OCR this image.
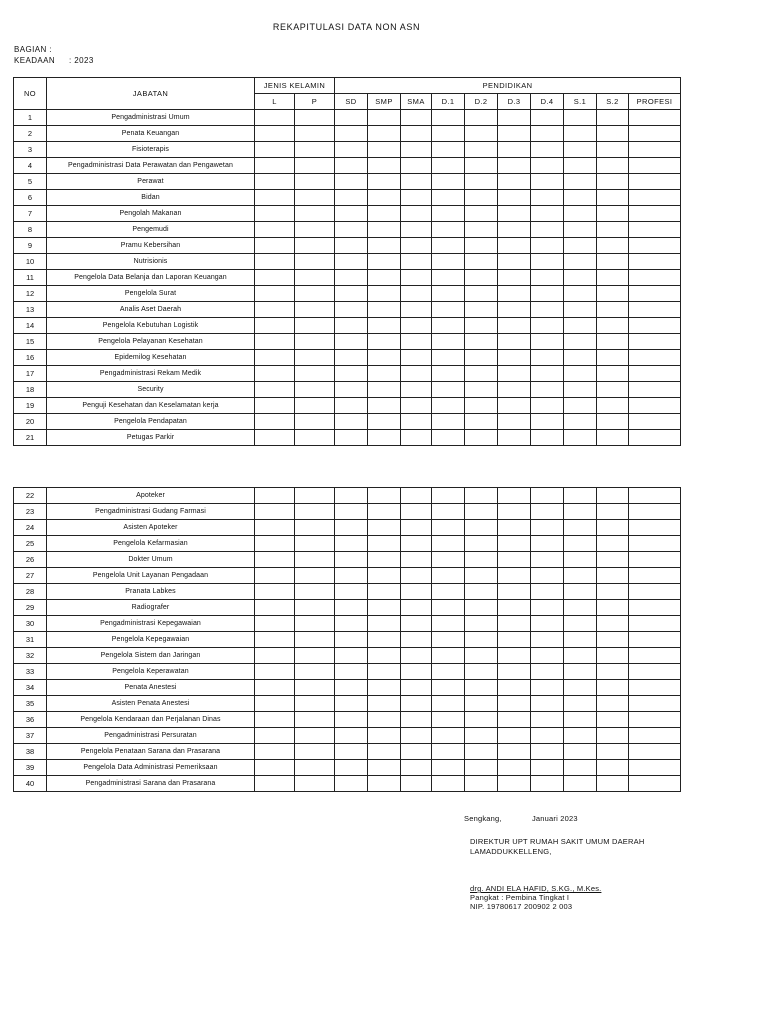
REKAPITULASI DATA NON ASN
BAGIAN :
KEADAAN : 2023
NO	JABATAN	JENIS KELAMIN		PENDIDIKAN									
		L	P	SD	SMP	SMA	D.1	D.2	D.3	D.4	S.1	S.2	PROFESI
1	Pengadministrasi Umum												
2	Penata Keuangan												
3	Fisioterapis												
4	Pengadministrasi Data Perawatan dan Pengawetan												
5	Perawat												
6	Bidan												
7	Pengolah Makanan												
8	Pengemudi												
9	Pramu Kebersihan												
10	Nutrisionis												
11	Pengelola Data Belanja dan Laporan Keuangan												
12	Pengelola Surat												
13	Analis Aset Daerah												
14	Pengelola Kebutuhan Logistik												
15	Pengelola Pelayanan Kesehatan												
16	Epidemilog Kesehatan												
17	Pengadministrasi Rekam Medik												
18	Security												
19	Penguji Kesehatan dan Keselamatan kerja												
20	Pengelola Pendapatan												
21	Petugas Parkir												
22	Apoteker												
23	Pengadministrasi Gudang Farmasi												
24	Asisten Apoteker												
25	Pengelola Kefarmasian												
26	Dokter Umum												
27	Pengelola Unit Layanan Pengadaan												
28	Pranata Labkes												
29	Radiografer												
30	Pengadministrasi Kepegawaian												
31	Pengelola Kepegawaian												
32	Pengelola Sistem dan Jaringan												
33	Pengelola Keperawatan												
34	Penata Anestesi												
35	Asisten Penata Anestesi												
36	Pengelola Kendaraan dan Perjalanan Dinas												
37	Pengadministrasi Persuratan												
38	Pengelola Penataan Sarana dan Prasarana												
39	Pengelola Data Administrasi Pemeriksaan												
40	Pengadministrasi Sarana dan Prasarana												
Sengkang,	Januari 2023
DIREKTUR UPT RUMAH SAKIT UMUM DAERAH
LAMADDUKKELLENG,
drg. ANDI ELA HAFID, S.KG., M.Kes.
Pangkat : Pembina Tingkat I
NIP. 19780617 200902 2 003
